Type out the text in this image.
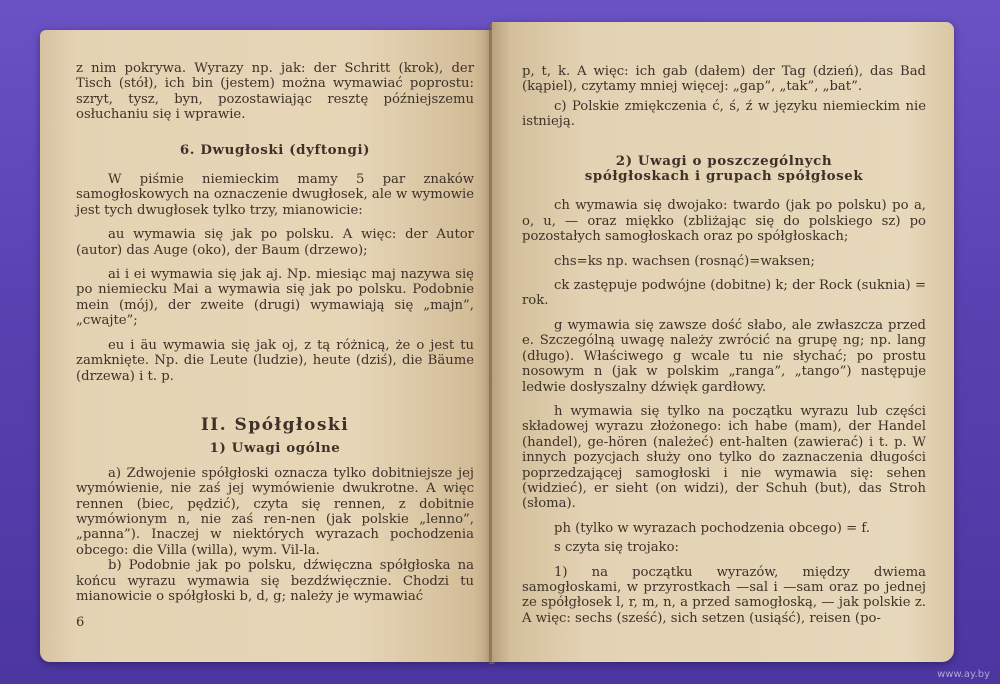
z nim pokrywa. Wyrazy np. jak: der Schritt (krok), der Tisch (stół), ich bin (jestem) można wymawiać poprostu: szryt, tysz, byn, pozostawiając resztę późniejszemu osłuchaniu się i wprawie.

6. Dwugłoski (dyftongi)

W piśmie niemieckim mamy 5 par znaków samogłoskowych na oznaczenie dwugłosek, ale w wymowie jest tych dwugłosek tylko trzy, mianowicie:

au wymawia się jak po polsku. A więc: der Autor (autor) das Auge (oko), der Baum (drzewo);

ai i ei wymawia się jak aj. Np. miesiąc maj nazywa się po niemiecku Mai a wymawia się jak po polsku. Podobnie mein (mój), der zweite (drugi) wymawiają się „majn”, „cwajte”;

eu i äu wymawia się jak oj, z tą różnicą, że o jest tu zamknięte. Np. die Leute (ludzie), heute (dziś), die Bäume (drzewa) i t. p.

II. Spółgłoski
1) Uwagi ogólne

a) Zdwojenie spółgłoski oznacza tylko dobitniejsze jej wymówienie, nie zaś jej wymówienie dwukrotne. A więc rennen (biec, pędzić), czyta się rennen, z dobitnie wymówionym n, nie zaś ren-nen (jak polskie „lenno”, „panna”). Inaczej w niektórych wyrazach pochodzenia obcego: die Villa (willa), wym. Vil-la.

b) Podobnie jak po polsku, dźwięczna spółgłoska na końcu wyrazu wymawia się bezdźwięcznie. Chodzi tu mianowicie o spółgłoski b, d, g; należy je wymawiać

6

p, t, k. A więc: ich gab (dałem) der Tag (dzień), das Bad (kąpiel), czytamy mniej więcej: „gap”, „tak”, „bat”.

c) Polskie zmiękczenia ć, ś, ź w języku niemieckim nie istnieją.

2) Uwagi o poszczególnych spółgłoskach i grupach spółgłosek

ch wymawia się dwojako: twardo (jak po polsku) po a, o, u, — oraz miękko (zbliżając się do polskiego sz) po pozostałych samogłoskach oraz po spółgłoskach;

chs=ks np. wachsen (rosnąć)=waksen;

ck zastępuje podwójne (dobitne) k; der Rock (suknia) = rok.

g wymawia się zawsze dość słabo, ale zwłaszcza przed e. Szczególną uwagę należy zwrócić na grupę ng; np. lang (długo). Właściwego g wcale tu nie słychać; po prostu nosowym n (jak w polskim „ranga”, „tango”) następuje ledwie dosłyszalny dźwięk gardłowy.

h wymawia się tylko na początku wyrazu lub części składowej wyrazu złożonego: ich habe (mam), der Handel (handel), ge-hören (należeć) ent-halten (zawierać) i t. p. W innych pozycjach służy ono tylko do zaznaczenia długości poprzedzającej samogłoski i nie wymawia się: sehen (widzieć), er sieht (on widzi), der Schuh (but), das Stroh (słoma).

ph (tylko w wyrazach pochodzenia obcego) = f.

s czyta się trojako:

1) na początku wyrazów, między dwiema samogłoskami, w przyrostkach —sal i —sam oraz po jednej ze spółgłosek l, r, m, n, a przed samogłoską, — jak polskie z. A więc: sechs (sześć), sich setzen (usiąść), reisen (po-

www.ay.by
